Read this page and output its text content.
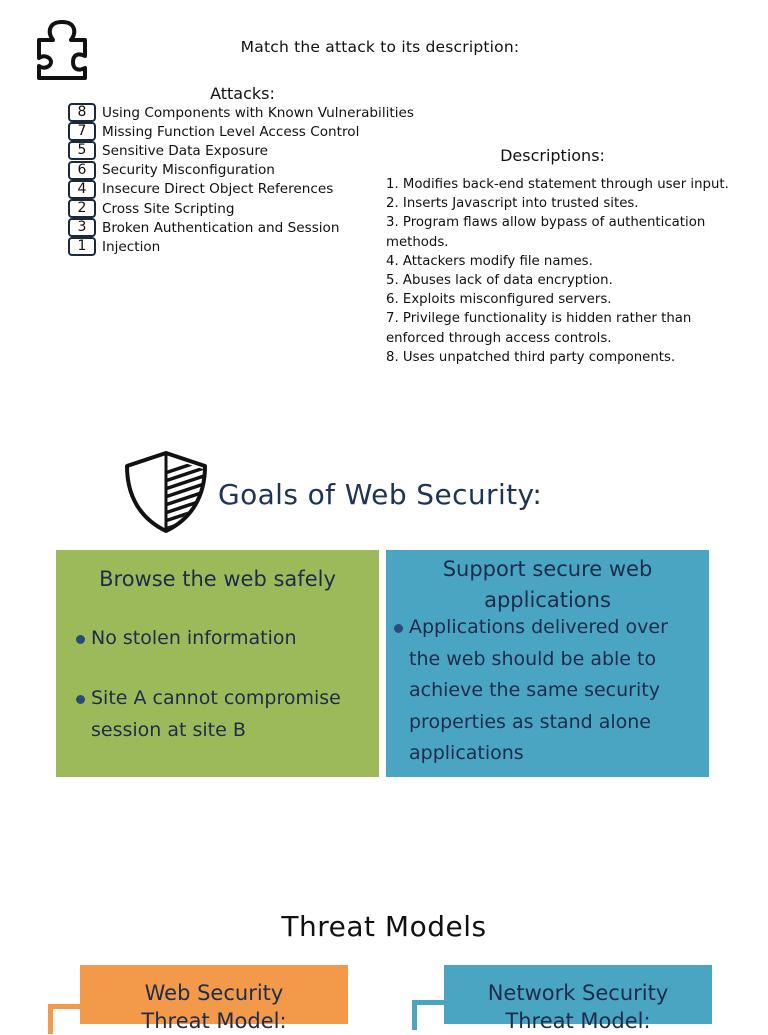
Match the attack to its description:
Attacks:
8	Using Components with Known Vulnerabilities
7	Missing Function Level Access Control
5	Sensitive Data Exposure
6	Security Misconfiguration
4	Insecure Direct Object References
2	Cross Site Scripting
3	Broken Authentication and Session
1	Injection
Descriptions:
1. Modifies back-end statement through user input.
2. Inserts Javascript into trusted sites.
3. Program flaws allow bypass of authentication
methods.
4. Attackers modify file names.
5. Abuses lack of data encryption.
6. Exploits misconfigured servers.
7. Privilege functionality is hidden rather than
enforced through access controls.
8. Uses unpatched third party components.
Goals of Web Security:
Browse the web safely
No stolen information
Site A cannot compromise
session at site B
Support secure web
applications
Applications delivered over
the web should be able to
achieve the same security
properties as stand alone
applications
Threat Models
Web Security
Threat Model:
Network Security
Threat Model:
